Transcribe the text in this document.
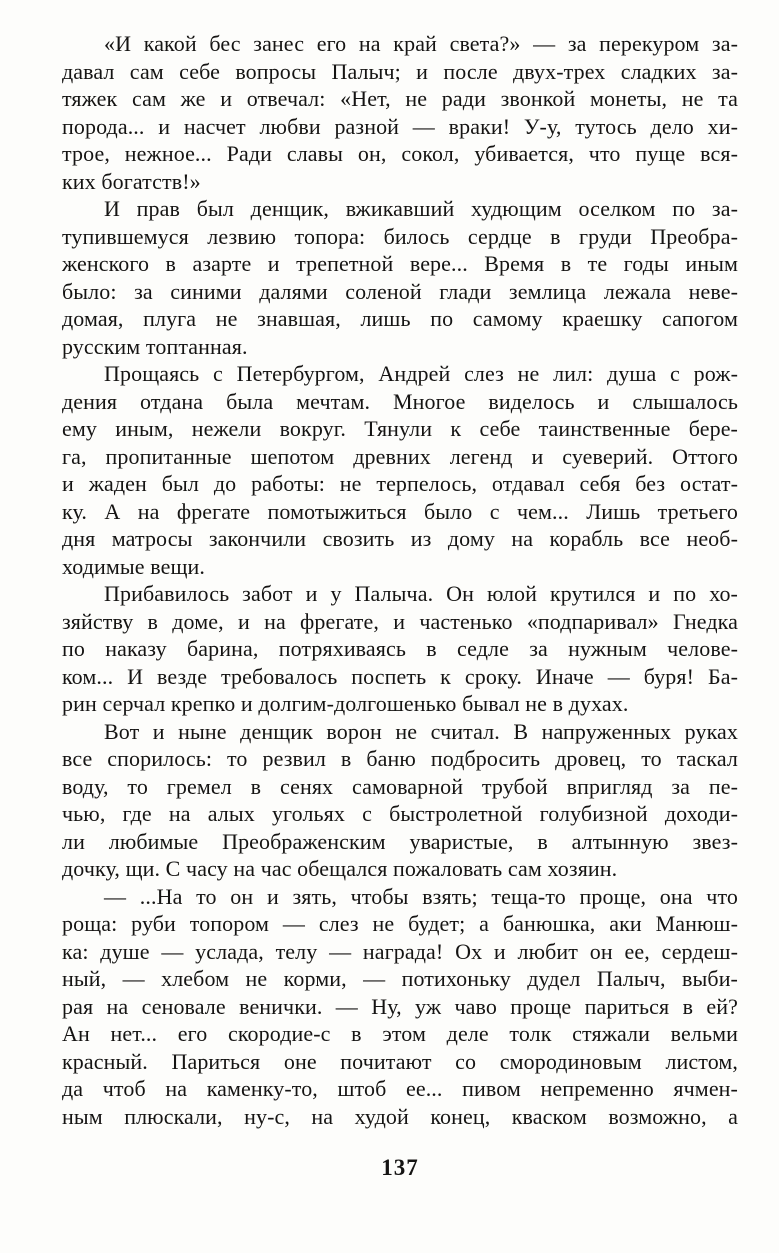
«И какой бес занес его на край света?» — за перекуром за-
давал сам себе вопросы Палыч; и после двух-трех сладких за-
тяжек сам же и отвечал: «Нет, не ради звонкой монеты, не та
порода... и насчет любви разной — враки! У-у, тутось дело хи-
трое, нежное... Ради славы он, сокол, убивается, что пуще вся-
ких богатств!»
И прав был денщик, вжикавший худющим оселком по за-
тупившемуся лезвию топора: билось сердце в груди Преобра-
женского в азарте и трепетной вере... Время в те годы иным
было: за синими далями соленой глади землица лежала неве-
домая, плуга не знавшая, лишь по самому краешку сапогом
русским топтанная.
Прощаясь с Петербургом, Андрей слез не лил: душа с рож-
дения отдана была мечтам. Многое виделось и слышалось
ему иным, нежели вокруг. Тянули к себе таинственные бере-
га, пропитанные шепотом древних легенд и суеверий. Оттого
и жаден был до работы: не терпелось, отдавал себя без остат-
ку. А на фрегате помотыжиться было с чем... Лишь третьего
дня матросы закончили свозить из дому на корабль все необ-
ходимые вещи.
Прибавилось забот и у Палыча. Он юлой крутился и по хо-
зяйству в доме, и на фрегате, и частенько «подпаривал» Гнедка
по наказу барина, потряхиваясь в седле за нужным челове-
ком... И везде требовалось поспеть к сроку. Иначе — буря! Ба-
рин серчал крепко и долгим-долгошенько бывал не в духах.
Вот и ныне денщик ворон не считал. В напруженных руках
все спорилось: то резвил в баню подбросить дровец, то таскал
воду, то гремел в сенях самоварной трубой впригляд за пе-
чью, где на алых угольях с быстролетной голубизной доходи-
ли любимые Преображенским уваристые, в алтынную звез-
дочку, щи. С часу на час обещался пожаловать сам хозяин.
— ...На то он и зять, чтобы взять; теща-то проще, она что
роща: руби топором — слез не будет; а банюшка, аки Манюш-
ка: душе — услада, телу — награда! Ох и любит он ее, сердеш-
ный, — хлебом не корми, — потихоньку дудел Палыч, выби-
рая на сеновале венички. — Ну, уж чаво проще париться в ей?
Ан нет... его скородие-с в этом деле толк стяжали вельми
красный. Париться оне почитают со смородиновым листом,
да чтоб на каменку-то, штоб ее... пивом непременно ячмен-
ным плюскали, ну-с, на худой конец, кваском возможно, а
137
